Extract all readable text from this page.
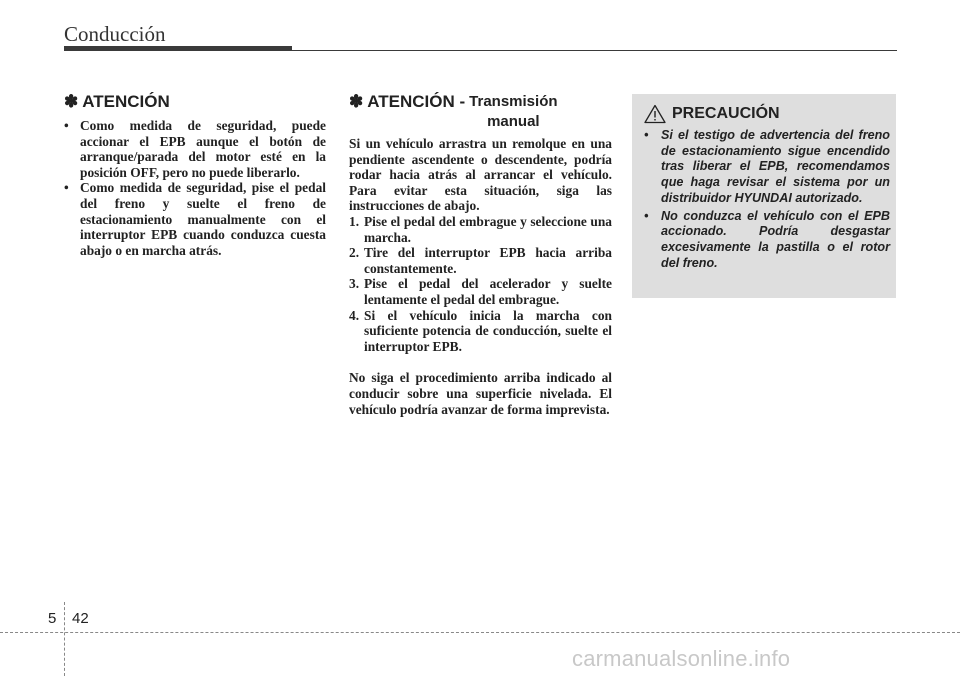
Conducción
✽ ATENCIÓN
• Como medida de seguridad, puede accionar el EPB aunque el botón de arranque/parada del motor esté en la posición OFF, pero no puede liberarlo.
• Como medida de seguridad, pise el pedal del freno y suelte el freno de estacionamiento manualmente con el interruptor EPB cuando conduzca cuesta abajo o en marcha atrás.
✽ ATENCIÓN - Transmisión
manual

Si un vehículo arrastra un remolque en una pendiente ascendente o descendente, podría rodar hacia atrás al arrancar el vehículo. Para evitar esta situación, siga las instrucciones de abajo.

1. Pise el pedal del embrague y seleccione una marcha.
2. Tire del interruptor EPB hacia arriba constantemente.
3. Pise el pedal del acelerador y suelte lentamente el pedal del embrague.
4. Si el vehículo inicia la marcha con suficiente potencia de conducción, suelte el interruptor EPB.

No siga el procedimiento arriba indicado al conducir sobre una superficie nivelada. El vehículo podría avanzar de forma imprevista.

PRECAUCIÓN
• Si el testigo de advertencia del freno de estacionamiento sigue encendido tras liberar el EPB, recomendamos que haga revisar el sistema por un distribuidor HYUNDAI autorizado.
• No conduzca el vehículo con el EPB accionado. Podría desgastar excesivamente la pastilla o el rotor del freno.
5 42
carmanualsonline.info
